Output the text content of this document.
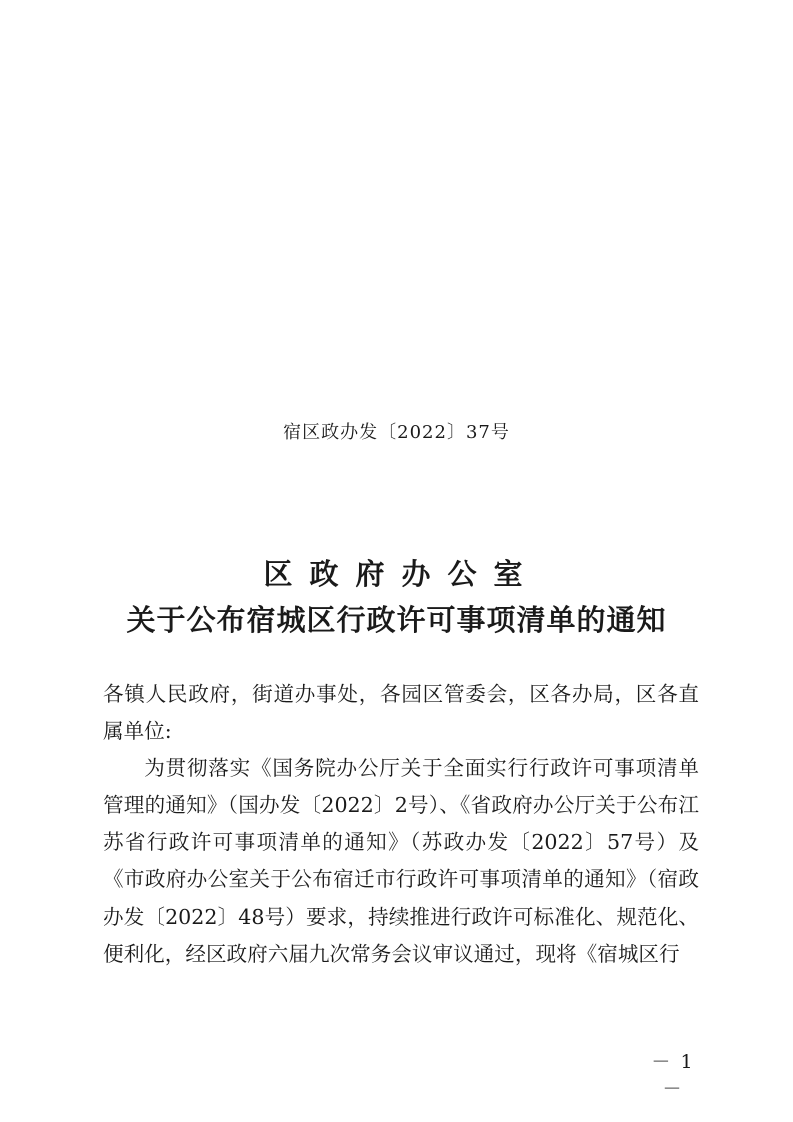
宿区政办发〔2022〕37号
区政府办公室
关于公布宿城区行政许可事项清单的通知

各镇人民政府，街道办事处，各园区管委会，区各办局，区各直属单位:

为贯彻落实《国务院办公厅关于全面实行行政许可事项清单管理的通知》（国办发〔2022〕2号）、《省政府办公厅关于公布江苏省行政许可事项清单的通知》（苏政办发〔2022〕57号）及《市政府办公室关于公布宿迁市行政许可事项清单的通知》（宿政办发〔2022〕48号）要求，持续推进行政许可标准化、规范化、便利化，经区政府六届九次常务会议审议通过，现将《宿城区行

－ 1 －
